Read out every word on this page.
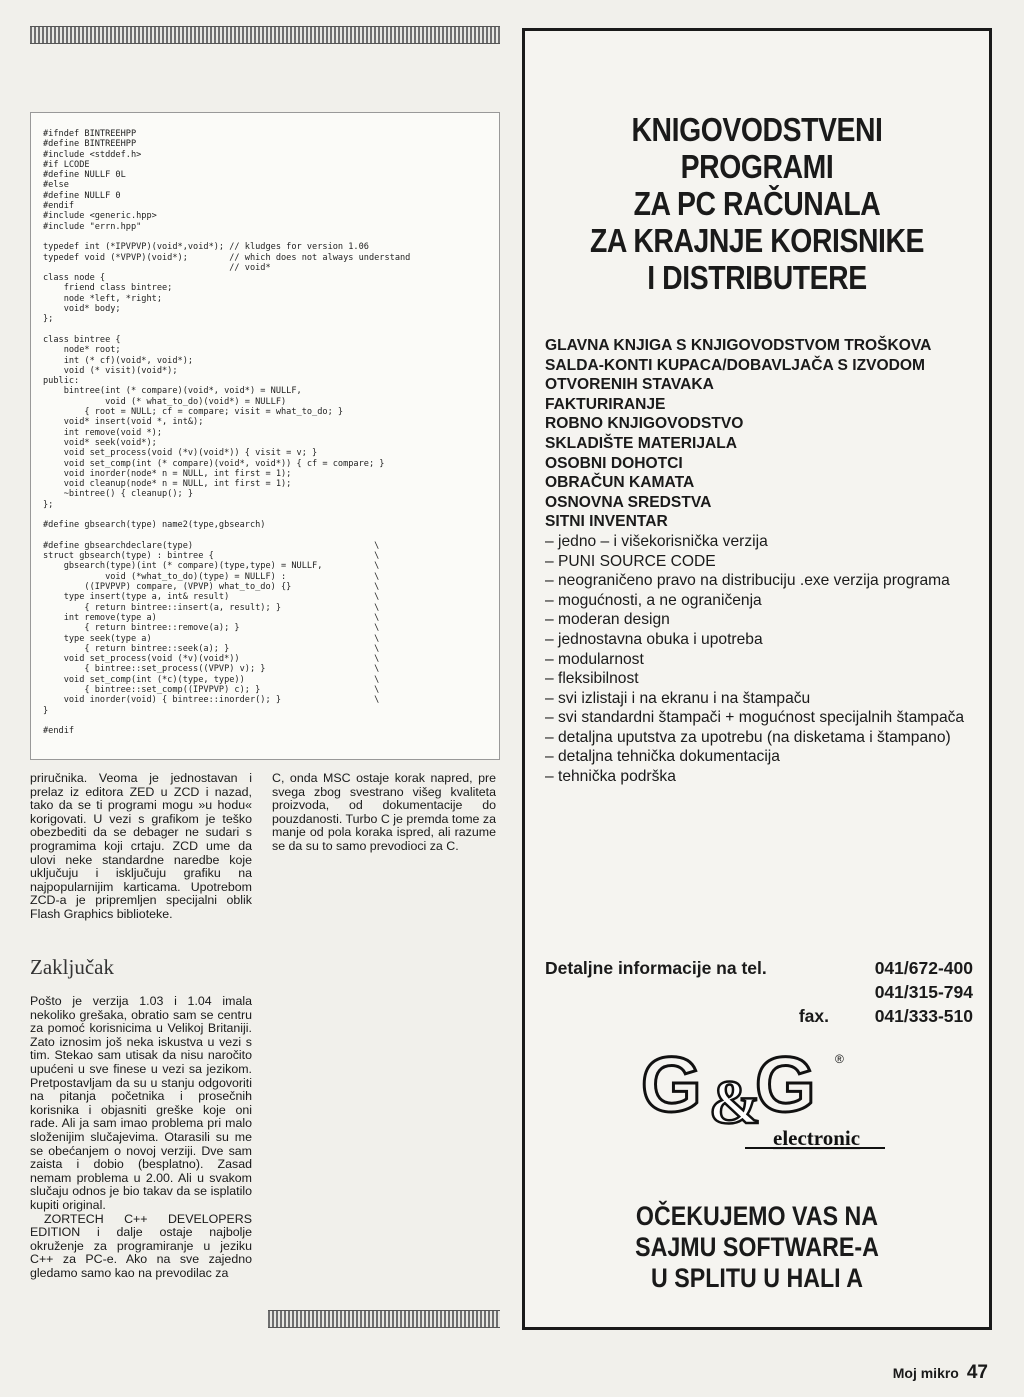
#ifndef BINTREEHPP
#define BINTREEHPP
#include <stddef.h>
#if LCODE
#define NULLF 0L
#else
#define NULLF 0
#endif
#include <generic.hpp>
#include "errn.hpp"

typedef int (*IPVPVP)(void*,void*); // kludges for version 1.06
typedef void (*VPVP)(void*);        // which does not always understand
// void*
class node {
friend class bintree;
node *left, *right;
void* body;
};

class bintree {
node* root;
int (* cf)(void*, void*);
void (* visit)(void*);
public:
bintree(int (* compare)(void*, void*) = NULLF,
void (* what_to_do)(void*) = NULLF)
{ root = NULL; cf = compare; visit = what_to_do; }
void* insert(void *, int&);
int remove(void *);
void* seek(void*);
void set_process(void (*v)(void*)) { visit = v; }
void set_comp(int (* compare)(void*, void*)) { cf = compare; }
void inorder(node* n = NULL, int first = 1);
void cleanup(node* n = NULL, int first = 1);
~bintree() { cleanup(); }
};

#define gbsearch(type) name2(type,gbsearch)

#define gbsearchdeclare(type)                                   \
struct gbsearch(type) : bintree {                               \
gbsearch(type)(int (* compare)(type,type) = NULLF,          \
void (*what_to_do)(type) = NULLF) :                 \
((IPVPVP) compare, (VPVP) what_to_do) {}                \
type insert(type a, int& result)                            \
{ return bintree::insert(a, result); }                  \
int remove(type a)                                          \
{ return bintree::remove(a); }                          \
type seek(type a)                                           \
{ return bintree::seek(a); }                            \
void set_process(void (*v)(void*))                          \
{ bintree::set_process((VPVP) v); }                     \
void set_comp(int (*c)(type, type))                         \
{ bintree::set_comp((IPVPVP) c); }                      \
void inorder(void) { bintree::inorder(); }                  \
}

#endif

priručnika. Veoma je jednostavan i prelaz iz editora ZED u ZCD i nazad, tako da se ti programi mogu »u hodu« korigovati. U vezi s grafikom je teško obezbediti da se debager ne sudari s programima koji crtaju. ZCD ume da ulovi neke standardne naredbe koje uključuju i isključuju grafiku na najpopularnijim karticama. Upotrebom ZCD-a je pripremljen specijalni oblik Flash Graphics biblioteke.

Zaključak

Pošto je verzija 1.03 i 1.04 imala nekoliko grešaka, obratio sam se centru za pomoć korisnicima u Velikoj Britaniji. Zato iznosim još neka iskustva u vezi s tim. Stekao sam utisak da nisu naročito upućeni u sve finese u vezi sa jezikom. Pretpostavljam da su u stanju odgovoriti na pitanja početnika i prosečnih korisnika i objasniti greške koje oni rade. Ali ja sam imao problema pri malo složenijim slučajevima. Otarasili su me se obećanjem o novoj verziji. Dve sam zaista i dobio (besplatno). Zasad nemam problema u 2.00. Ali u svakom slučaju odnos je bio takav da se isplatilo kupiti original.

ZORTECH C++ DEVELOPERS EDITION i dalje ostaje najbolje okruženje za programiranje u jeziku C++ za PC-e. Ako na sve zajedno gledamo samo kao na prevodilac za

C, onda MSC ostaje korak napred, pre svega zbog svestrano višeg kvaliteta proizvoda, od dokumentacije do pouzdanosti. Turbo C je premda tome za manje od pola koraka ispred, ali razume se da su to samo prevodioci za C.

KNIGOVODSTVENI PROGRAMI
ZA PC RAČUNALA
ZA KRAJNJE KORISNIKE
I DISTRIBUTERE
GLAVNA KNJIGA S KNJIGOVODSTVOM TROŠKOVA
SALDA-KONTI KUPACA/DOBAVLJAČA S IZVODOM OTVORENIH STAVAKA
FAKTURIRANJE
ROBNO KNJIGOVODSTVO
SKLADIŠTE MATERIJALA
OSOBNI DOHOTCI
OBRAČUN KAMATA
OSNOVNA SREDSTVA
SITNI INVENTAR
– jedno – i višekorisnička verzija
– PUNI SOURCE CODE
– neograničeno pravo na distribuciju .exe verzija programa
– mogućnosti, a ne ograničenja
– moderan design
– jednostavna obuka i upotreba
– modularnost
– fleksibilnost
– svi izlistaji i na ekranu i na štampaču
– svi standardni štampači + mogućnost specijalnih štampača
– detaljna uputstva za upotrebu (na disketama i štampano)
– detaljna tehnička dokumentacija
– tehnička podrška
Detaljne informacije na tel.	041/672-400
041/315-794
fax.	041/333-510
G &
G ®
electronic
OČEKUJEMO VAS NA
SAJMU SOFTWARE-A
U SPLITU U HALI A
Moj mikro 47
